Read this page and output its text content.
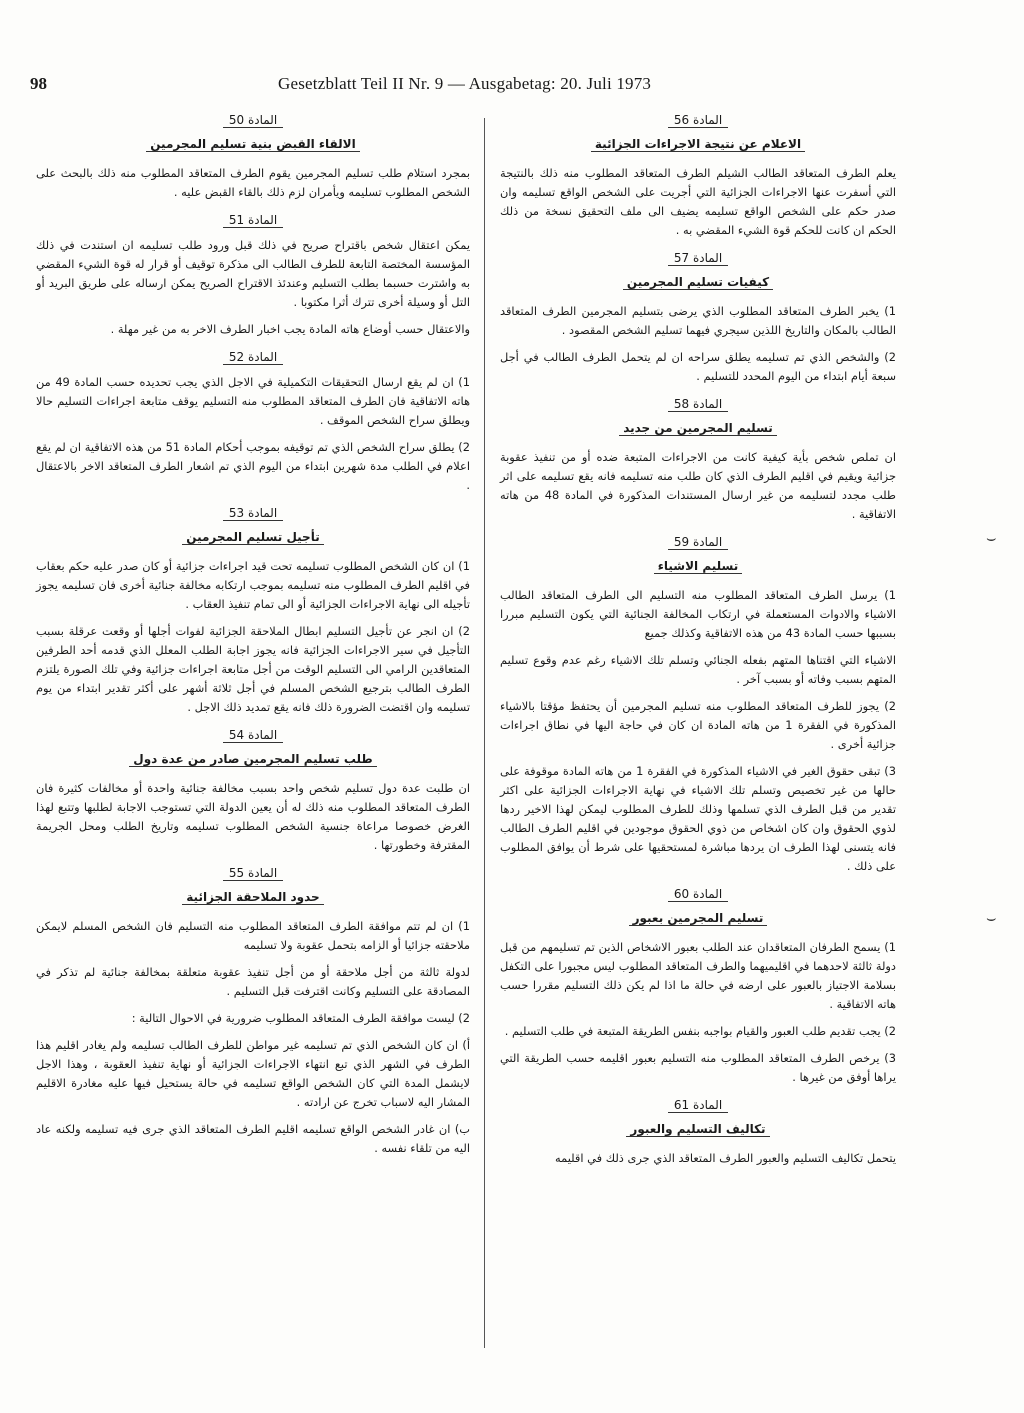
98	Gesetzblatt Teil II Nr. 9 — Ausgabetag: 20. Juli 1973
المادة 56
الاعلام عن نتيجة الاجراءات الجزائية

يعلم الطرف المتعاقد الطالب الشيلم الطرف المتعاقد المطلوب منه ذلك بالنتيجة التي أسفرت عنها الاجراءات الجزائية التي أجريت على الشخص الواقع تسليمه وان صدر حكم على الشخص الواقع تسليمه يضيف الى ملف التحقيق نسخة من ذلك الحكم ان كانت للحكم قوة الشيء المقضي به .

المادة 57
كيفيات تسليم المجرمين

1) يخبر الطرف المتعاقد المطلوب الذي يرضى بتسليم المجرمين الطرف المتعاقد الطالب بالمكان والتاريخ اللذين سيجري فيهما تسليم الشخص المقصود .

2) والشخص الذي تم تسليمه يطلق سراحه ان لم يتحمل الطرف الطالب في أجل سبعة أيام ابتداء من اليوم المحدد للتسليم .

المادة 58
تسليم المجرمين من جديد

ان تملص شخص بأية كيفية كانت من الاجراءات المتبعة ضده أو من تنفيذ عقوبة جزائية ويقيم في اقليم الطرف الذي كان طلب منه تسليمه فانه يقع تسليمه على اثر طلب مجدد لتسليمه من غير ارسال المستندات المذكورة في المادة 48 من هاته الاتفاقية .

المادة 59
تسليم الاشياء

1) يرسل الطرف المتعاقد المطلوب منه التسليم الى الطرف المتعاقد الطالب الاشياء والادوات المستعملة في ارتكاب المخالفة الجنائية التي يكون التسليم مبررا بسببها حسب المادة 43 من هذه الاتفاقية وكذلك جميع

الاشياء التي اقتناها المتهم بفعله الجنائي وتسلم تلك الاشياء رغم عدم وقوع تسليم المتهم بسبب وفاته أو بسبب آخر .

2) يجوز للطرف المتعاقد المطلوب منه تسليم المجرمين أن يحتفظ مؤقتا بالاشياء المذكورة في الفقرة 1 من هاته المادة ان كان في حاجة اليها في نطاق اجراءات جزائية أخرى .

3) تبقى حقوق الغير في الاشياء المذكورة في الفقرة 1 من هاته المادة موقوفة على حالها من غير تخصيص وتسلم تلك الاشياء في نهاية الاجراءات الجزائية على اكثر تقدير من قبل الطرف الذي تسلمها وذلك للطرف المطلوب ليمكن لهذا الاخير ردها لذوي الحقوق وان كان اشخاص من ذوي الحقوق موجودين في اقليم الطرف الطالب فانه يتسنى لهذا الطرف ان يردها مباشرة لمستحقيها على شرط أن يوافق المطلوب على ذلك .

المادة 60
تسليم المجرمين بعبور

1) يسمح الطرفان المتعاقدان عند الطلب بعبور الاشخاص الذين تم تسليمهم من قبل دولة ثالثة لاحدهما في اقليميهما والطرف المتعاقد المطلوب ليس مجبورا على التكفل بسلامة الاجتياز بالعبور على ارضه في حالة ما اذا لم يكن ذلك التسليم مقررا حسب هاته الاتفاقية .

2) يجب تقديم طلب العبور والقيام بواجبه بنفس الطريقة المتبعة في طلب التسليم .

3) يرخص الطرف المتعاقد المطلوب منه التسليم بعبور اقليمه حسب الطريقة التي يراها أوفق من غيرها .

المادة 61
تكاليف التسليم والعبور

يتحمل تكاليف التسليم والعبور الطرف المتعاقد الذي جرى ذلك في اقليمه

المادة 50
الالقاء القبض بنية تسليم المجرمين

بمجرد استلام طلب تسليم المجرمين يقوم الطرف المتعاقد المطلوب منه ذلك بالبحث على الشخص المطلوب تسليمه ويأمران لزم ذلك بالقاء القبض عليه .

المادة 51

يمكن اعتقال شخص باقتراح صريح في ذلك قبل ورود طلب تسليمه ان استندت في ذلك المؤسسة المختصة التابعة للطرف الطالب الى مذكرة توقيف أو قرار له قوة الشيء المقضي به واشترت حسبما بطلب التسليم وعندئذ الاقتراح الصريح يمكن ارساله على طريق البريد أو التل أو وسيلة أخرى تترك أثرا مكتوبا .

والاعتقال حسب أوضاع هاته المادة يجب اخبار الطرف الاخر به من غير مهلة .

المادة 52

1) ان لم يقع ارسال التحقيقات التكميلية في الاجل الذي يجب تحديده حسب المادة 49 من هاته الاتفاقية فان الطرف المتعاقد المطلوب منه التسليم يوقف متابعة اجراءات التسليم حالا ويطلق سراح الشخص الموقف .

2) يطلق سراح الشخص الذي تم توقيفه بموجب أحكام المادة 51 من هذه الاتفاقية ان لم يقع اعلام في الطلب مدة شهرين ابتداء من اليوم الذي تم اشعار الطرف المتعاقد الاخر بالاعتقال .

المادة 53
تأجيل تسليم المجرمين

1) ان كان الشخص المطلوب تسليمه تحت قيد اجراءات جزائية أو كان صدر عليه حكم بعقاب في اقليم الطرف المطلوب منه تسليمه بموجب ارتكابه مخالفة جنائية أخرى فان تسليمه يجوز تأجيله الى نهاية الاجراءات الجزائية أو الى تمام تنفيذ العقاب .

2) ان انجر عن تأجيل التسليم ابطال الملاحقة الجزائية لفوات أجلها أو وقعت عرقلة بسبب التأجيل في سير الاجراءات الجزائية فانه يجوز اجابة الطلب المعلل الذي قدمه أحد الطرفين المتعاقدين الرامي الى التسليم الوقت من أجل متابعة اجراءات جزائية وفي تلك الصورة يلتزم الطرف الطالب بترجيع الشخص المسلم في أجل ثلاثة أشهر على أكثر تقدير ابتداء من يوم تسليمه وان اقتضت الضرورة ذلك فانه يقع تمديد ذلك الاجل .

المادة 54
طلب تسليم المجرمين صادر من عدة دول

ان طلبت عدة دول تسليم شخص واحد بسبب مخالفة جنائية واحدة أو مخالفات كثيرة فان الطرف المتعاقد المطلوب منه ذلك له أن يعين الدولة التي تستوجب الاجابة لطلبها وتتبع لهذا الغرض خصوصا مراعاة جنسية الشخص المطلوب تسليمه وتاريخ الطلب ومحل الجريمة المقترفة وخطورتها .

المادة 55
حدود الملاحقة الجزائية

1) ان لم تتم موافقة الطرف المتعاقد المطلوب منه التسليم فان الشخص المسلم لايمكن ملاحقته جزائيا أو الزامه بتحمل عقوبة ولا تسليمه

لدولة ثالثة من أجل ملاحقة أو من أجل تنفيذ عقوبة متعلقة بمخالفة جنائية لم تذكر في المصادقة على التسليم وكانت اقترفت قبل التسليم .

2) ليست موافقة الطرف المتعاقد المطلوب ضرورية في الاحوال التالية :

أ) ان كان الشخص الذي تم تسليمه غير مواطن للطرف الطالب تسليمه ولم يغادر اقليم هذا الطرف في الشهر الذي تبع انتهاء الاجراءات الجزائية أو نهاية تنفيذ العقوبة ، وهذا الاجل لايشمل المدة التي كان الشخص الواقع تسليمه في حالة يستحيل فيها عليه مغادرة الاقليم المشار اليه لاسباب تخرج عن ارادته .

ب) ان غادر الشخص الواقع تسليمه اقليم الطرف المتعاقد الذي جرى فيه تسليمه ولكنه عاد اليه من تلقاء نفسه .

⌣
⌣
